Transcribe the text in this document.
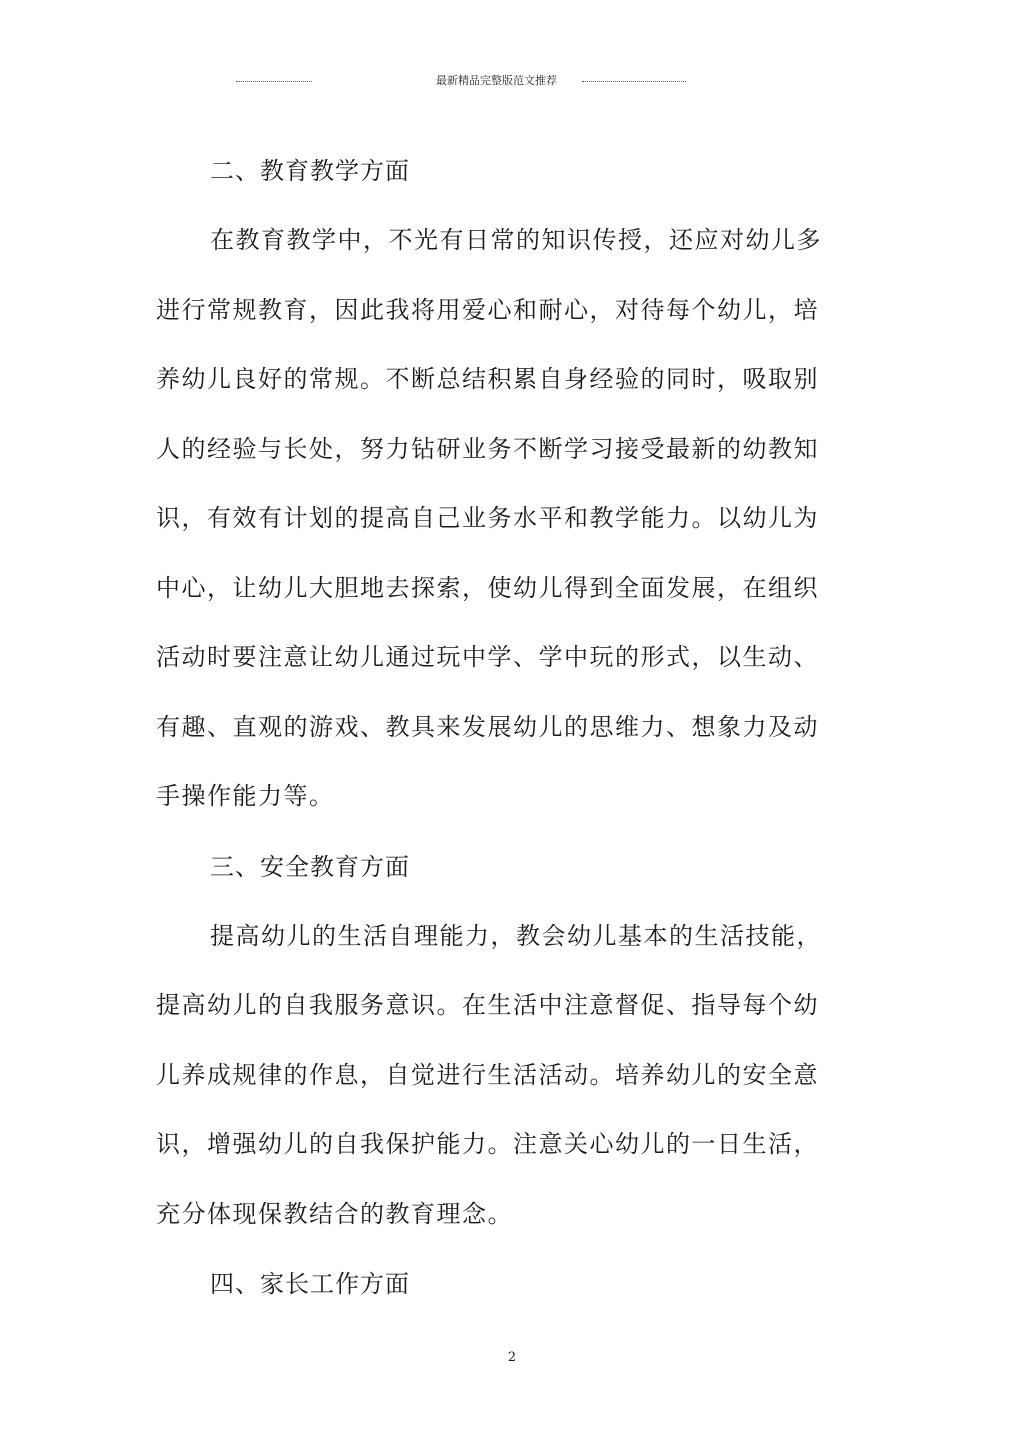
最新精品完整版范文推荐
二、教育教学方面

在教育教学中，不光有日常的知识传授，还应对幼儿多
进行常规教育，因此我将用爱心和耐心，对待每个幼儿，培
养幼儿良好的常规。不断总结积累自身经验的同时，吸取别
人的经验与长处，努力钻研业务不断学习接受最新的幼教知
识，有效有计划的提高自己业务水平和教学能力。以幼儿为
中心，让幼儿大胆地去探索，使幼儿得到全面发展，在组织
活动时要注意让幼儿通过玩中学、学中玩的形式，以生动、
有趣、直观的游戏、教具来发展幼儿的思维力、想象力及动
手操作能力等。

三、安全教育方面

提高幼儿的生活自理能力，教会幼儿基本的生活技能，
提高幼儿的自我服务意识。在生活中注意督促、指导每个幼
儿养成规律的作息，自觉进行生活活动。培养幼儿的安全意
识，增强幼儿的自我保护能力。注意关心幼儿的一日生活，
充分体现保教结合的教育理念。

四、家长工作方面
2
